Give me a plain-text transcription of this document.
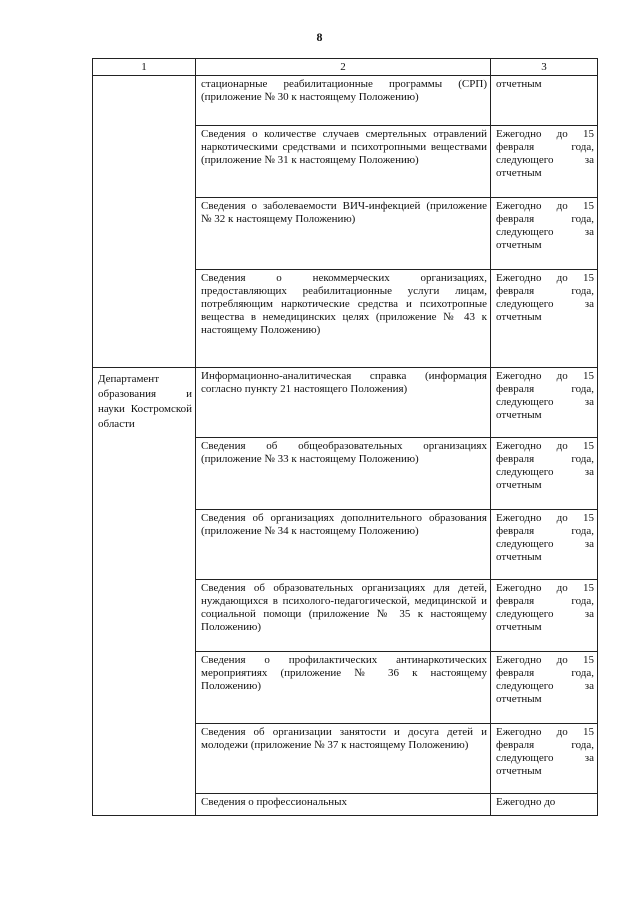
8
1	2	3
	стационарные реабилитационные программы (СРП) (приложение № 30 к настоящему Положению)	отчетным
	Сведения о количестве случаев смертельных отравлений наркотическими средствами и психотропными веществами (приложение № 31 к настоящему Положению)	Ежегодно до 15 февраля года, следующего за отчетным
	Сведения о заболеваемости ВИЧ-инфекцией (приложение № 32 к настоящему Положению)	Ежегодно до 15 февраля года, следующего за отчетным
	Сведения о некоммерческих организациях, предоставляющих реабилитационные услуги лицам, потребляющим наркотические средства и психотропные вещества в немедицинских целях (приложение № 43 к настоящему Положению)	Ежегодно до 15 февраля года, следующего за отчетным
Департамент образования и науки Костромской области	Информационно-аналитическая справка (информация согласно пункту 21 настоящего Положения)	Ежегодно до 15 февраля года, следующего за отчетным
	Сведения об общеобразовательных организациях (приложение № 33 к настоящему Положению)	Ежегодно до 15 февраля года, следующего за отчетным
	Сведения об организациях дополнительного образования (приложение № 34 к настоящему Положению)	Ежегодно до 15 февраля года, следующего за отчетным
	Сведения об образовательных организациях для детей, нуждающихся в психолого-педагогической, медицинской и социальной помощи (приложение № 35 к настоящему Положению)	Ежегодно до 15 февраля года, следующего за отчетным
	Сведения о профилактических антинаркотических мероприятиях (приложение № 36 к настоящему Положению)	Ежегодно до 15 февраля года, следующего за отчетным
	Сведения об организации занятости и досуга детей и молодежи (приложение № 37 к настоящему Положению)	Ежегодно до 15 февраля года, следующего за отчетным
	Сведения о профессиональных	Ежегодно до
